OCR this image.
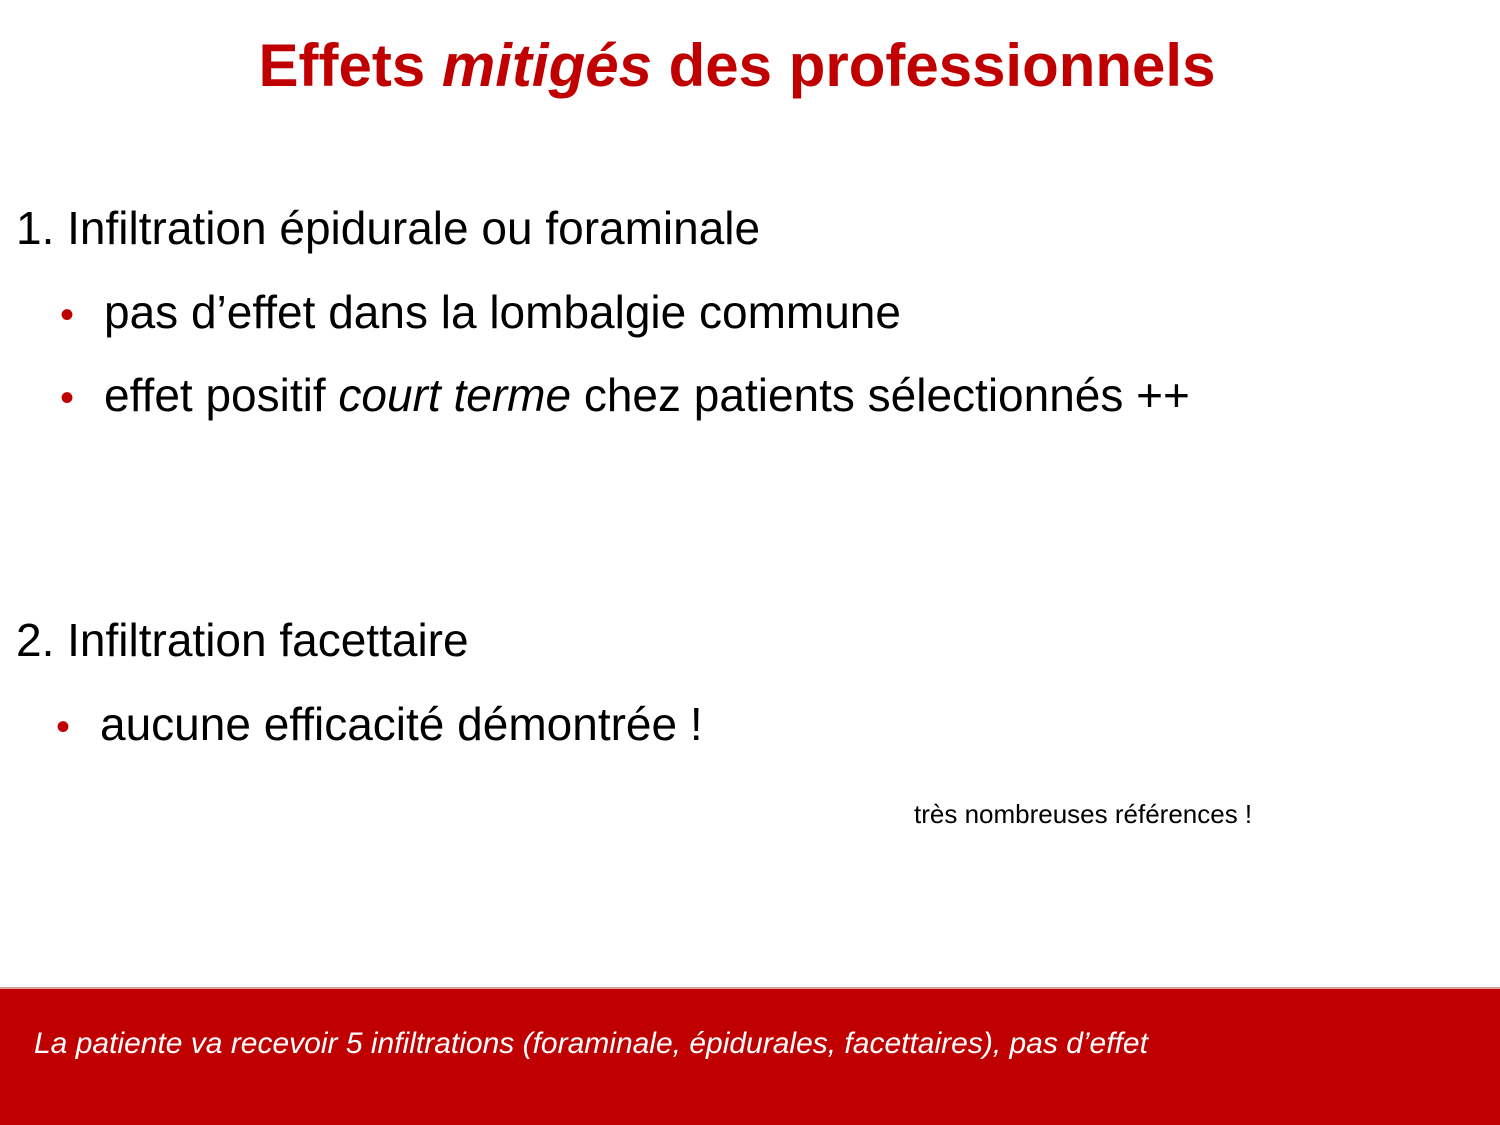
Effets mitigés des professionnels

1. Infiltration épidurale ou foraminale

• pas d’effet dans la lombalgie commune
• effet positif court terme chez patients sélectionnés ++

2. Infiltration facettaire

• aucune efficacité démontrée !
très nombreuses références !
La patiente va recevoir 5 infiltrations (foraminale, épidurales, facettaires), pas d’effet
